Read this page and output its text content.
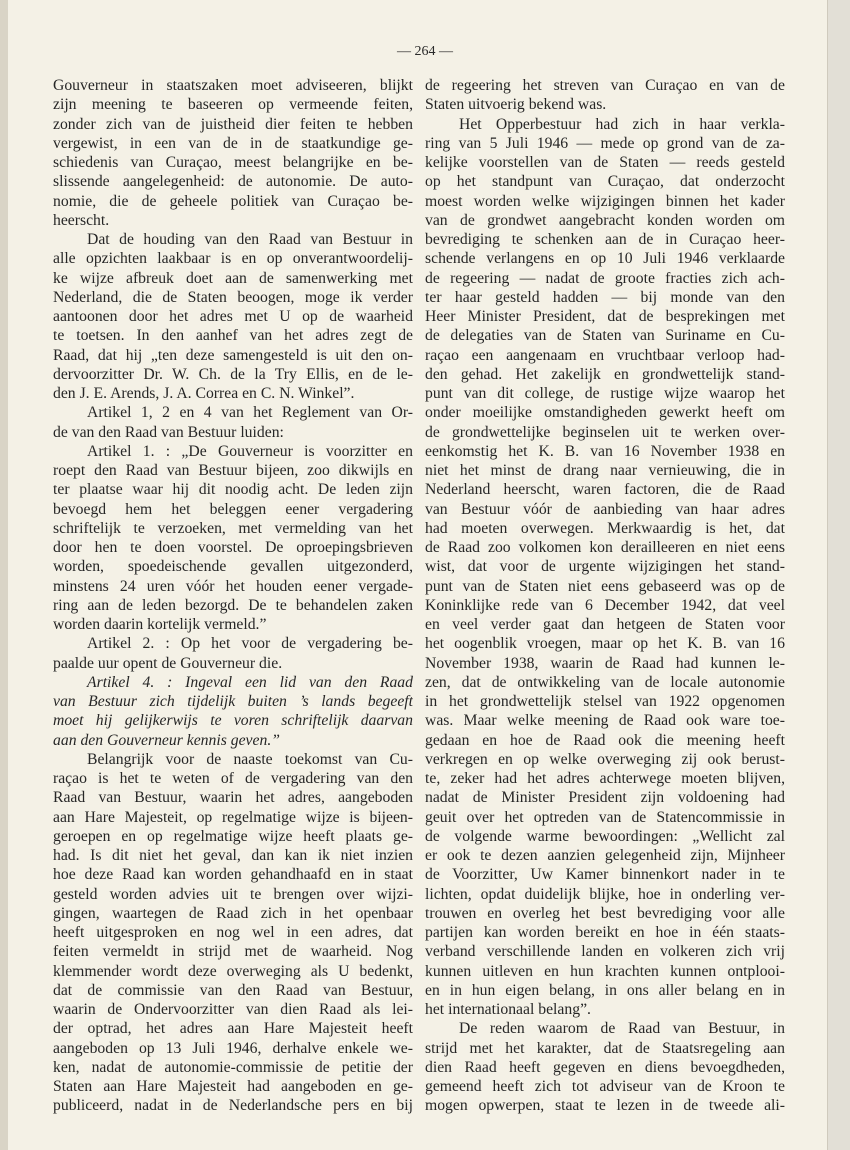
— 264 —
Gouverneur in staatszaken moet adviseeren, blijkt
zijn meening te baseeren op vermeende feiten,
zonder zich van de juistheid dier feiten te hebben
vergewist, in een van de in de staatkundige ge-
schiedenis van Curaçao, meest belangrijke en be-
slissende aangelegenheid: de autonomie. De auto-
nomie, die de geheele politiek van Curaçao be-
heerscht.
Dat de houding van den Raad van Bestuur in
alle opzichten laakbaar is en op onverantwoordelij-
ke wijze afbreuk doet aan de samenwerking met
Nederland, die de Staten beoogen, moge ik verder
aantoonen door het adres met U op de waarheid
te toetsen. In den aanhef van het adres zegt de
Raad, dat hij „ten deze samengesteld is uit den on-
dervoorzitter Dr. W. Ch. de la Try Ellis, en de le-
den J. E. Arends, J. A. Correa en C. N. Winkel”.
Artikel 1, 2 en 4 van het Reglement van Or-
de van den Raad van Bestuur luiden:
Artikel 1. : „De Gouverneur is voorzitter en
roept den Raad van Bestuur bijeen, zoo dikwijls en
ter plaatse waar hij dit noodig acht. De leden zijn
bevoegd hem het beleggen eener vergadering
schriftelijk te verzoeken, met vermelding van het
door hen te doen voorstel. De oproepingsbrieven
worden, spoedeischende gevallen uitgezonderd,
minstens 24 uren vóór het houden eener vergade-
ring aan de leden bezorgd. De te behandelen zaken
worden daarin kortelijk vermeld.”
Artikel 2. : Op het voor de vergadering be-
paalde uur opent de Gouverneur die.
Artikel 4. : Ingeval een lid van den Raad
van Bestuur zich tijdelijk buiten ’s lands begeeft
moet hij gelijkerwijs te voren schriftelijk daarvan
aan den Gouverneur kennis geven.”
Belangrijk voor de naaste toekomst van Cu-
raçao is het te weten of de vergadering van den
Raad van Bestuur, waarin het adres, aangeboden
aan Hare Majesteit, op regelmatige wijze is bijeen-
geroepen en op regelmatige wijze heeft plaats ge-
had. Is dit niet het geval, dan kan ik niet inzien
hoe deze Raad kan worden gehandhaafd en in staat
gesteld worden advies uit te brengen over wijzi-
gingen, waartegen de Raad zich in het openbaar
heeft uitgesproken en nog wel in een adres, dat
feiten vermeldt in strijd met de waarheid. Nog
klemmender wordt deze overweging als U bedenkt,
dat de commissie van den Raad van Bestuur,
waarin de Ondervoorzitter van dien Raad als lei-
der optrad, het adres aan Hare Majesteit heeft
aangeboden op 13 Juli 1946, derhalve enkele we-
ken, nadat de autonomie-commissie de petitie der
Staten aan Hare Majesteit had aangeboden en ge-
publiceerd, nadat in de Nederlandsche pers en bij
de regeering het streven van Curaçao en van de
Staten uitvoerig bekend was.
Het Opperbestuur had zich in haar verkla-
ring van 5 Juli 1946 — mede op grond van de za-
kelijke voorstellen van de Staten — reeds gesteld
op het standpunt van Curaçao, dat onderzocht
moest worden welke wijzigingen binnen het kader
van de grondwet aangebracht konden worden om
bevrediging te schenken aan de in Curaçao heer-
schende verlangens en op 10 Juli 1946 verklaarde
de regeering — nadat de groote fracties zich ach-
ter haar gesteld hadden — bij monde van den
Heer Minister President, dat de besprekingen met
de delegaties van de Staten van Suriname en Cu-
raçao een aangenaam en vruchtbaar verloop had-
den gehad. Het zakelijk en grondwettelijk stand-
punt van dit college, de rustige wijze waarop het
onder moeilijke omstandigheden gewerkt heeft om
de grondwettelijke beginselen uit te werken over-
eenkomstig het K. B. van 16 November 1938 en
niet het minst de drang naar vernieuwing, die in
Nederland heerscht, waren factoren, die de Raad
van Bestuur vóór de aanbieding van haar adres
had moeten overwegen. Merkwaardig is het, dat
de Raad zoo volkomen kon derailleeren en niet eens
wist, dat voor de urgente wijzigingen het stand-
punt van de Staten niet eens gebaseerd was op de
Koninklijke rede van 6 December 1942, dat veel
en veel verder gaat dan hetgeen de Staten voor
het oogenblik vroegen, maar op het K. B. van 16
November 1938, waarin de Raad had kunnen le-
zen, dat de ontwikkeling van de locale autonomie
in het grondwettelijk stelsel van 1922 opgenomen
was. Maar welke meening de Raad ook ware toe-
gedaan en hoe de Raad ook die meening heeft
verkregen en op welke overweging zij ook berust-
te, zeker had het adres achterwege moeten blijven,
nadat de Minister President zijn voldoening had
geuit over het optreden van de Statencommissie in
de volgende warme bewoordingen: „Wellicht zal
er ook te dezen aanzien gelegenheid zijn, Mijnheer
de Voorzitter, Uw Kamer binnenkort nader in te
lichten, opdat duidelijk blijke, hoe in onderling ver-
trouwen en overleg het best bevrediging voor alle
partijen kan worden bereikt en hoe in één staats-
verband verschillende landen en volkeren zich vrij
kunnen uitleven en hun krachten kunnen ontplooi-
en in hun eigen belang, in ons aller belang en in
het internationaal belang”.
De reden waarom de Raad van Bestuur, in
strijd met het karakter, dat de Staatsregeling aan
dien Raad heeft gegeven en diens bevoegdheden,
gemeend heeft zich tot adviseur van de Kroon te
mogen opwerpen, staat te lezen in de tweede ali-
